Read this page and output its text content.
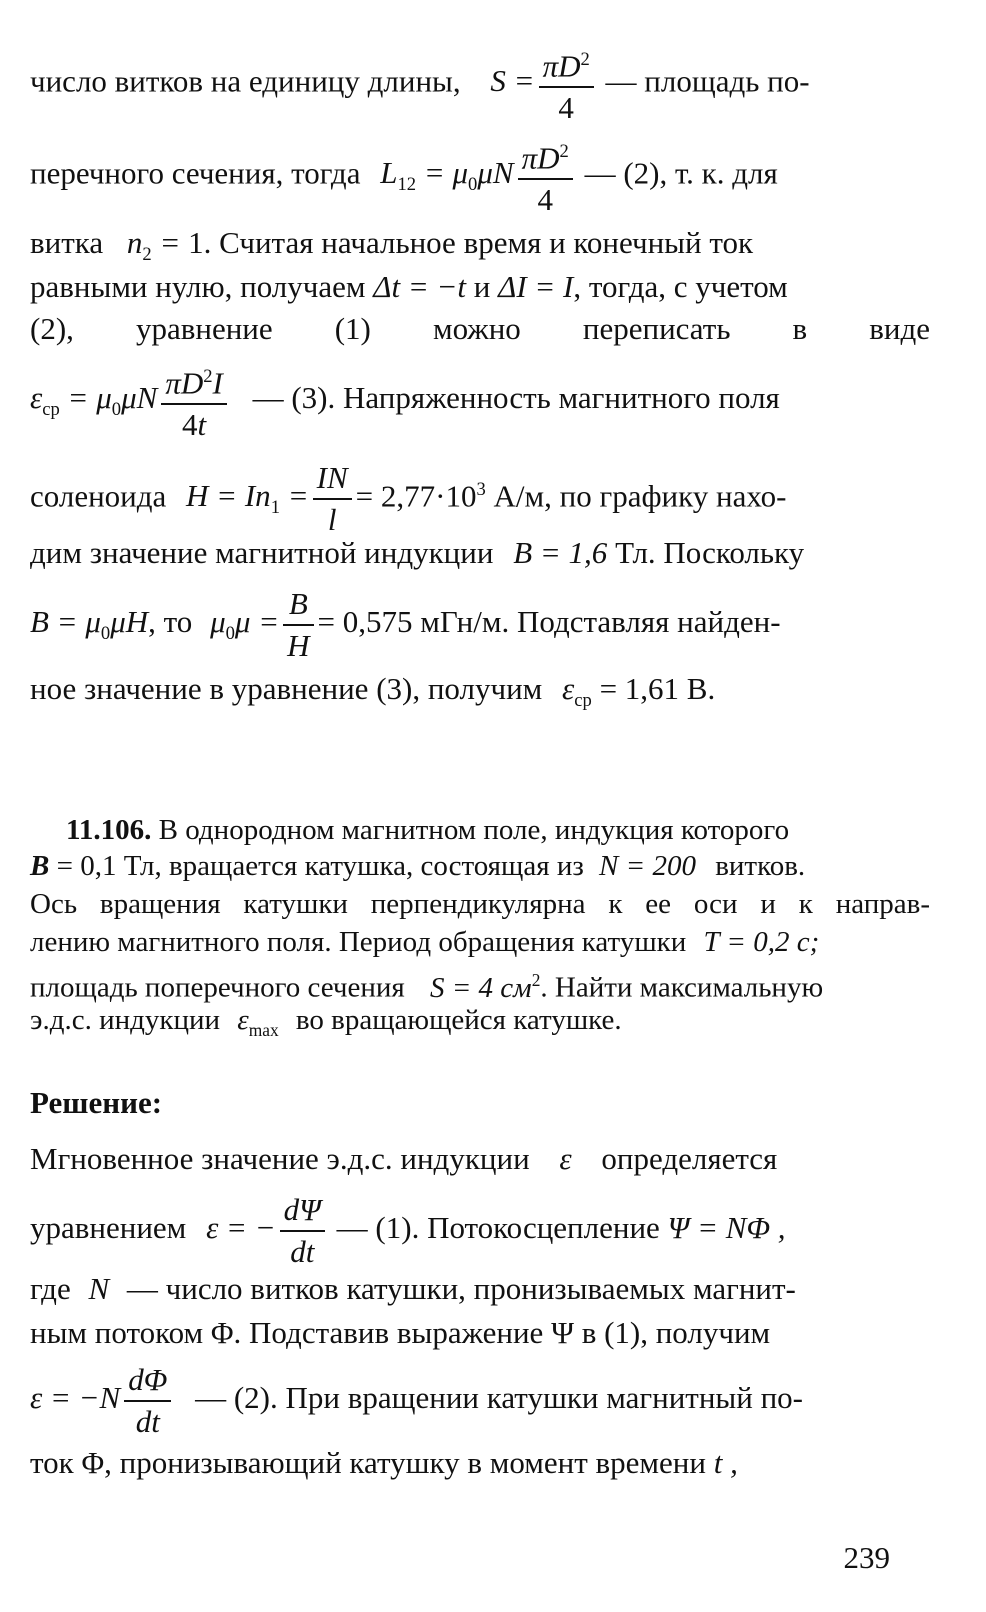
число витков на единицу длины, $S = \frac{\pi D^2}{4}$ — площадь по-
перечного сечения, тогда $L_{12} = \mu_0\mu N \frac{\pi D^2}{4}$ — (2), т. к. для
витка $n_2 = 1$. Считая начальное время и конечный ток
равными нулю, получаем Δt = −t и ΔI = I, тогда, с учетом
(2), уравнение (1) можно переписать в виде
$\varepsilon_{ср} = \mu_0\mu N \frac{\pi D^2I}{4t}$ — (3). Напряженность магнитного поля
соленоида $H = In_1 = \frac{IN}{l} = 2,77\cdot 10^3$ А/м, по графику нахо-
дим значение магнитной индукции B = 1,6 Тл. Поскольку
$B = \mu_0\mu H$, то $\mu_0\mu = \frac{B}{H} = 0,575$ мГн/м. Подставляя найден-
ное значение в уравнение (3), получим $\varepsilon_{ср} = 1,61$ В.
11.106. В однородном магнитном поле, индукция которого
B = 0,1 Тл, вращается катушка, состоящая из N = 200 витков.
Ось вращения катушки перпендикулярна к ее оси и к направ-
лению магнитного поля. Период обращения катушки T = 0,2 с;
площадь поперечного сечения S = 4 $см^2$. Найти максимальную
э.д.с. индукции $\varepsilon_{max}$ во вращающейся катушке.
Решение:
Мгновенное значение э.д.с. индукции ε определяется
уравнением ε = − $\frac{d\Psi}{dt}$ — (1). Потокосцепление Ψ = NΦ ,
где N — число витков катушки, пронизываемых магнит-
ным потоком Φ. Подставив выражение Ψ в (1), получим
$\varepsilon = -N \frac{d\Phi}{dt}$ — (2). При вращении катушки магнитный по-
ток Φ, пронизывающий катушку в момент времени t ,
239
